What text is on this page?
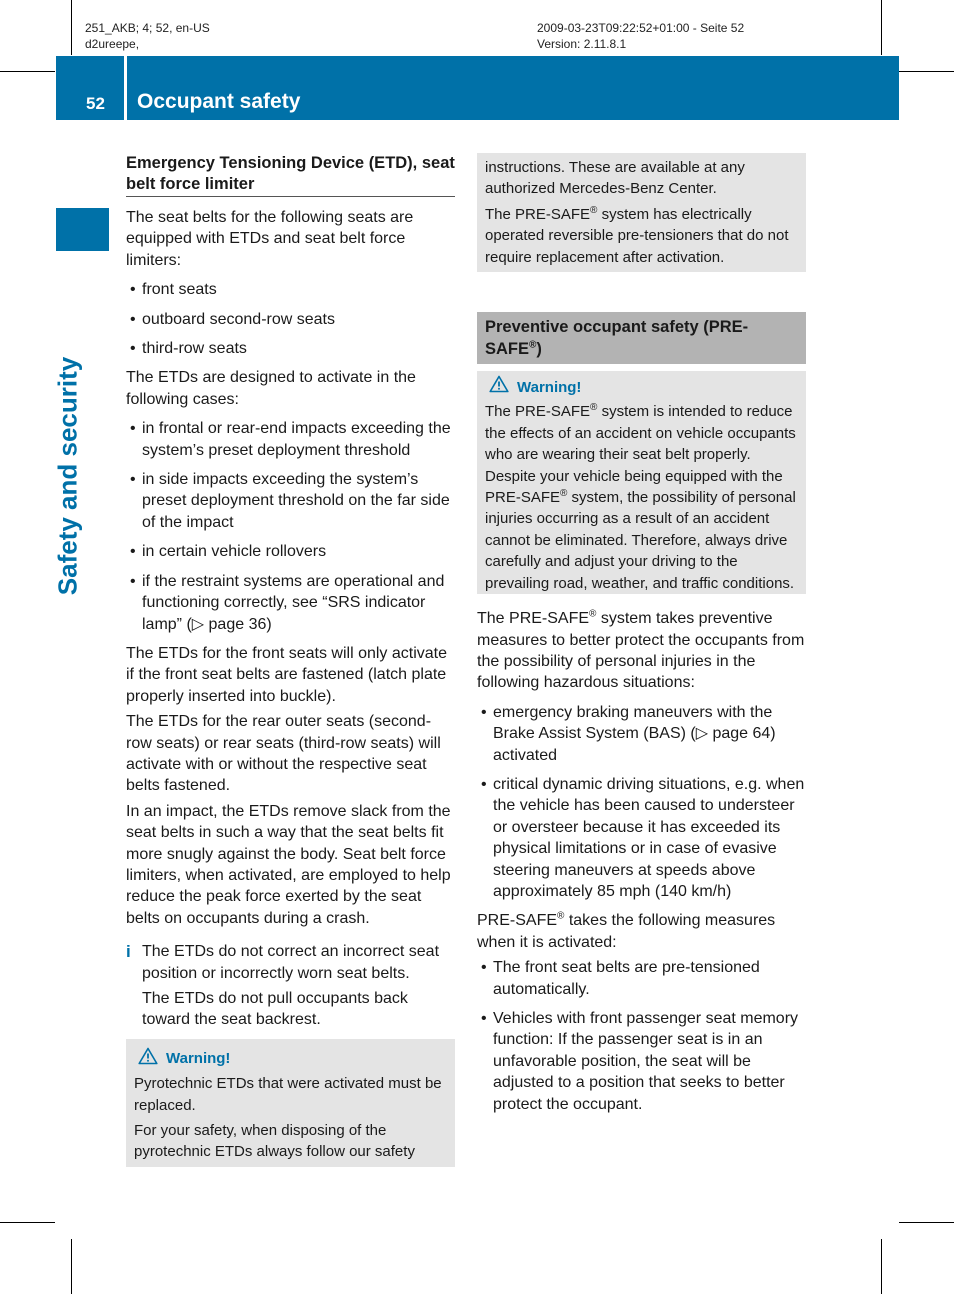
251_AKB; 4; 52, en-US
d2ureepe,
2009-03-23T09:22:52+01:00 - Seite 52
Version: 2.11.8.1
52 Occupant safety
Safety and security
Emergency Tensioning Device (ETD), seat belt force limiter

The seat belts for the following seats are equipped with ETDs and seat belt force limiters:

• front seats

• outboard second-row seats

• third-row seats

The ETDs are designed to activate in the following cases:

• in frontal or rear-end impacts exceeding the system’s preset deployment threshold

• in side impacts exceeding the system’s preset deployment threshold on the far side of the impact

• in certain vehicle rollovers

• if the restraint systems are operational and functioning correctly, see “SRS indicator lamp” (▷ page 36)

The ETDs for the front seats will only activate if the front seat belts are fastened (latch plate properly inserted into buckle).

The ETDs for the rear outer seats (second-row seats) or rear seats (third-row seats) will activate with or without the respective seat belts fastened.

In an impact, the ETDs remove slack from the seat belts in such a way that the seat belts fit more snugly against the body. Seat belt force limiters, when activated, are employed to help reduce the peak force exerted by the seat belts on occupants during a crash.

i The ETDs do not correct an incorrect seat position or incorrectly worn seat belts.

The ETDs do not pull occupants back toward the seat backrest.

Warning!

Pyrotechnic ETDs that were activated must be replaced.

For your safety, when disposing of the pyrotechnic ETDs always follow our safety

instructions. These are available at any authorized Mercedes-Benz Center.

The PRE-SAFE® system has electrically operated reversible pre-tensioners that do not require replacement after activation.

Preventive occupant safety (PRE-SAFE®)
Warning!

The PRE-SAFE® system is intended to reduce the effects of an accident on vehicle occupants who are wearing their seat belt properly. Despite your vehicle being equipped with the PRE-SAFE® system, the possibility of personal injuries occurring as a result of an accident cannot be eliminated. Therefore, always drive carefully and adjust your driving to the prevailing road, weather, and traffic conditions.

The PRE-SAFE® system takes preventive measures to better protect the occupants from the possibility of personal injuries in the following hazardous situations:

• emergency braking maneuvers with the Brake Assist System (BAS) (▷ page 64) activated

• critical dynamic driving situations, e.g. when the vehicle has been caused to understeer or oversteer because it has exceeded its physical limitations or in case of evasive steering maneuvers at speeds above approximately 85 mph (140 km/h)

PRE-SAFE® takes the following measures when it is activated:

• The front seat belts are pre-tensioned automatically.

• Vehicles with front passenger seat memory function: If the passenger seat is in an unfavorable position, the seat will be adjusted to a position that seeks to better protect the occupant.
